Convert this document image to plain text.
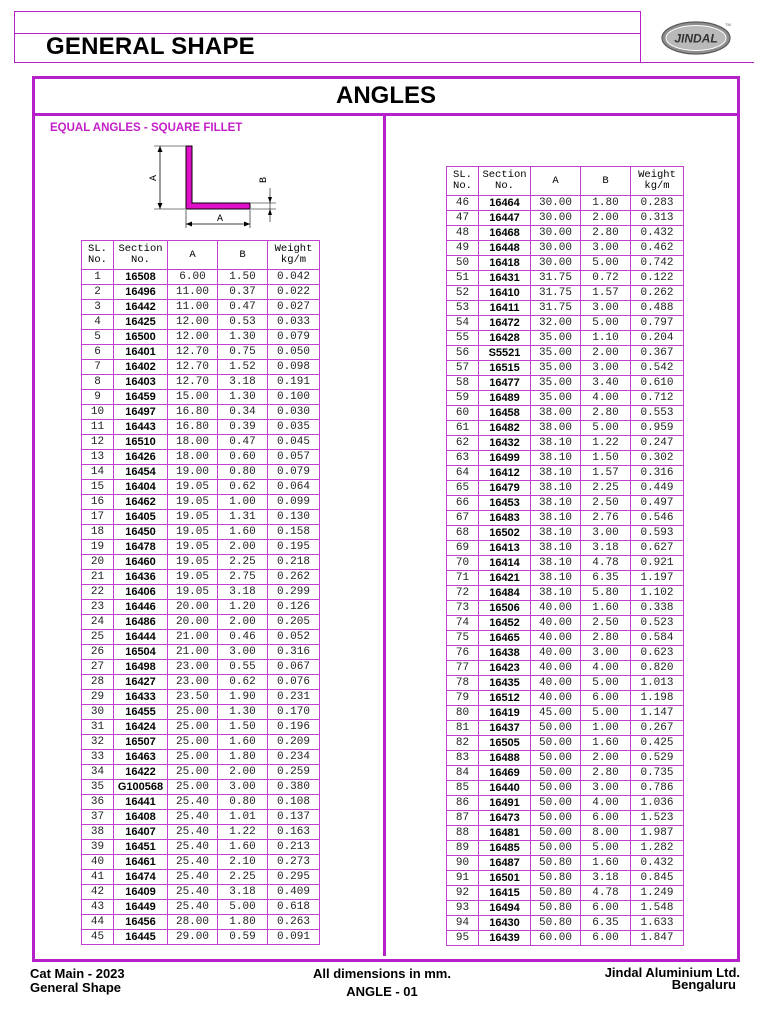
GENERAL SHAPE	JINDAL
TM
ANGLES
EQUAL ANGLES - SQUARE FILLET
A
A
B
SL.
No.	Section
No.	A	B	Weight
kg/m
1	16508	6.00	1.50	0.042
2	16496	11.00	0.37	0.022
3	16442	11.00	0.47	0.027
4	16425	12.00	0.53	0.033
5	16500	12.00	1.30	0.079
6	16401	12.70	0.75	0.050
7	16402	12.70	1.52	0.098
8	16403	12.70	3.18	0.191
9	16459	15.00	1.30	0.100
10	16497	16.80	0.34	0.030
11	16443	16.80	0.39	0.035
12	16510	18.00	0.47	0.045
13	16426	18.00	0.60	0.057
14	16454	19.00	0.80	0.079
15	16404	19.05	0.62	0.064
16	16462	19.05	1.00	0.099
17	16405	19.05	1.31	0.130
18	16450	19.05	1.60	0.158
19	16478	19.05	2.00	0.195
20	16460	19.05	2.25	0.218
21	16436	19.05	2.75	0.262
22	16406	19.05	3.18	0.299
23	16446	20.00	1.20	0.126
24	16486	20.00	2.00	0.205
25	16444	21.00	0.46	0.052
26	16504	21.00	3.00	0.316
27	16498	23.00	0.55	0.067
28	16427	23.00	0.62	0.076
29	16433	23.50	1.90	0.231
30	16455	25.00	1.30	0.170
31	16424	25.00	1.50	0.196
32	16507	25.00	1.60	0.209
33	16463	25.00	1.80	0.234
34	16422	25.00	2.00	0.259
35	G100568	25.00	3.00	0.380
36	16441	25.40	0.80	0.108
37	16408	25.40	1.01	0.137
38	16407	25.40	1.22	0.163
39	16451	25.40	1.60	0.213
40	16461	25.40	2.10	0.273
41	16474	25.40	2.25	0.295
42	16409	25.40	3.18	0.409
43	16449	25.40	5.00	0.618
44	16456	28.00	1.80	0.263
45	16445	29.00	0.59	0.091
SL.
No.	Section
No.	A	B	Weight
kg/m
46	16464	30.00	1.80	0.283
47	16447	30.00	2.00	0.313
48	16468	30.00	2.80	0.432
49	16448	30.00	3.00	0.462
50	16418	30.00	5.00	0.742
51	16431	31.75	0.72	0.122
52	16410	31.75	1.57	0.262
53	16411	31.75	3.00	0.488
54	16472	32.00	5.00	0.797
55	16428	35.00	1.10	0.204
56	S5521	35.00	2.00	0.367
57	16515	35.00	3.00	0.542
58	16477	35.00	3.40	0.610
59	16489	35.00	4.00	0.712
60	16458	38.00	2.80	0.553
61	16482	38.00	5.00	0.959
62	16432	38.10	1.22	0.247
63	16499	38.10	1.50	0.302
64	16412	38.10	1.57	0.316
65	16479	38.10	2.25	0.449
66	16453	38.10	2.50	0.497
67	16483	38.10	2.76	0.546
68	16502	38.10	3.00	0.593
69	16413	38.10	3.18	0.627
70	16414	38.10	4.78	0.921
71	16421	38.10	6.35	1.197
72	16484	38.10	5.80	1.102
73	16506	40.00	1.60	0.338
74	16452	40.00	2.50	0.523
75	16465	40.00	2.80	0.584
76	16438	40.00	3.00	0.623
77	16423	40.00	4.00	0.820
78	16435	40.00	5.00	1.013
79	16512	40.00	6.00	1.198
80	16419	45.00	5.00	1.147
81	16437	50.00	1.00	0.267
82	16505	50.00	1.60	0.425
83	16488	50.00	2.00	0.529
84	16469	50.00	2.80	0.735
85	16440	50.00	3.00	0.786
86	16491	50.00	4.00	1.036
87	16473	50.00	6.00	1.523
88	16481	50.00	8.00	1.987
89	16485	50.00	5.00	1.282
90	16487	50.80	1.60	0.432
91	16501	50.80	3.18	0.845
92	16415	50.80	4.78	1.249
93	16494	50.80	6.00	1.548
94	16430	50.80	6.35	1.633
95	16439	60.00	6.00	1.847
Cat Main - 2023
General Shape
All dimensions in mm.
ANGLE - 01
Jindal Aluminium Ltd.
Bengaluru
